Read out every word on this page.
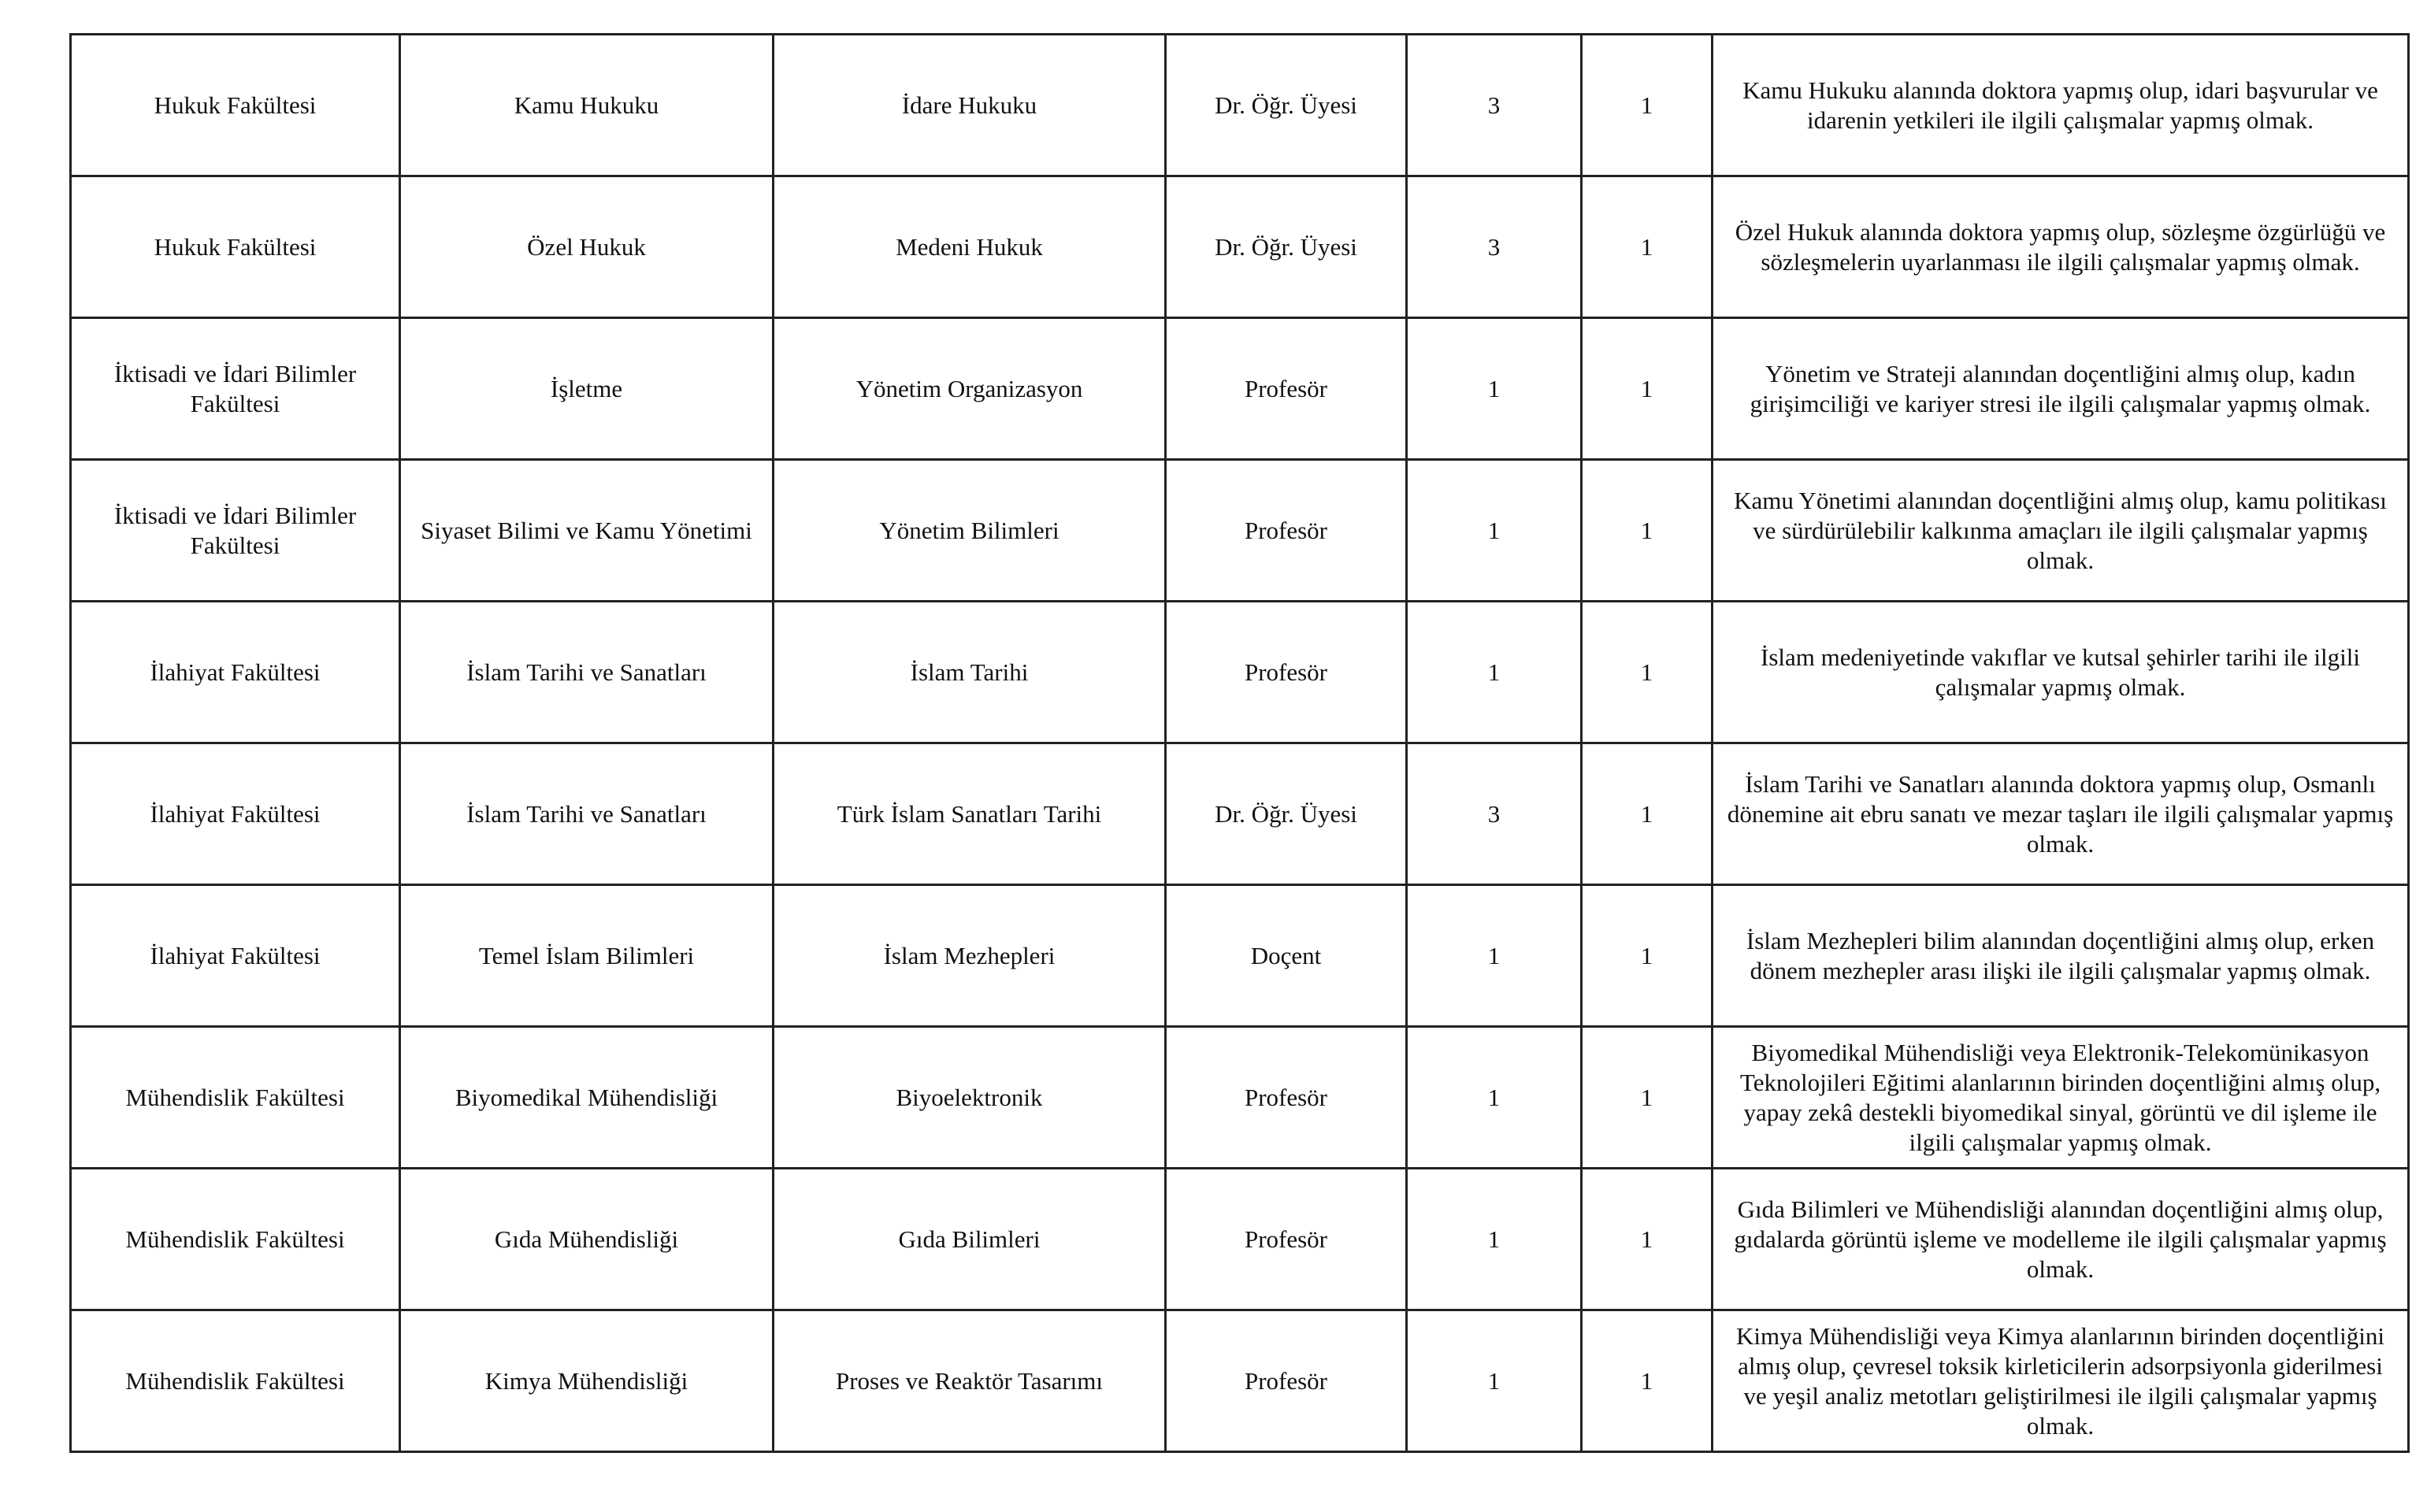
Hukuk Fakültesi	Kamu Hukuku	İdare Hukuku	Dr. Öğr. Üyesi	3	1	Kamu Hukuku alanında doktora yapmış olup, idari başvurular ve idarenin yetkileri ile ilgili çalışmalar yapmış olmak.
Hukuk Fakültesi	Özel Hukuk	Medeni Hukuk	Dr. Öğr. Üyesi	3	1	Özel Hukuk alanında doktora yapmış olup, sözleşme özgürlüğü ve sözleşmelerin uyarlanması ile ilgili çalışmalar yapmış olmak.
İktisadi ve İdari Bilimler Fakültesi	İşletme	Yönetim Organizasyon	Profesör	1	1	Yönetim ve Strateji alanından doçentliğini almış olup, kadın girişimciliği ve kariyer stresi ile ilgili çalışmalar yapmış olmak.
İktisadi ve İdari Bilimler Fakültesi	Siyaset Bilimi ve Kamu Yönetimi	Yönetim Bilimleri	Profesör	1	1	Kamu Yönetimi alanından doçentliğini almış olup, kamu politikası ve sürdürülebilir kalkınma amaçları ile ilgili çalışmalar yapmış olmak.
İlahiyat Fakültesi	İslam Tarihi ve Sanatları	İslam Tarihi	Profesör	1	1	İslam medeniyetinde vakıflar ve kutsal şehirler tarihi ile ilgili çalışmalar yapmış olmak.
İlahiyat Fakültesi	İslam Tarihi ve Sanatları	Türk İslam Sanatları Tarihi	Dr. Öğr. Üyesi	3	1	İslam Tarihi ve Sanatları alanında doktora yapmış olup, Osmanlı dönemine ait ebru sanatı ve mezar taşları ile ilgili çalışmalar yapmış olmak.
İlahiyat Fakültesi	Temel İslam Bilimleri	İslam Mezhepleri	Doçent	1	1	İslam Mezhepleri bilim alanından doçentliğini almış olup, erken dönem mezhepler arası ilişki ile ilgili çalışmalar yapmış olmak.
Mühendislik Fakültesi	Biyomedikal Mühendisliği	Biyoelektronik	Profesör	1	1	Biyomedikal Mühendisliği veya Elektronik-Telekomünikasyon Teknolojileri Eğitimi alanlarının birinden doçentliğini almış olup, yapay zekâ destekli biyomedikal sinyal, görüntü ve dil işleme ile ilgili çalışmalar yapmış olmak.
Mühendislik Fakültesi	Gıda Mühendisliği	Gıda Bilimleri	Profesör	1	1	Gıda Bilimleri ve Mühendisliği alanından doçentliğini almış olup, gıdalarda görüntü işleme ve modelleme ile ilgili çalışmalar yapmış olmak.
Mühendislik Fakültesi	Kimya Mühendisliği	Proses ve Reaktör Tasarımı	Profesör	1	1	Kimya Mühendisliği veya Kimya alanlarının birinden doçentliğini almış olup, çevresel toksik kirleticilerin adsorpsiyonla giderilmesi ve yeşil analiz metotları geliştirilmesi ile ilgili çalışmalar yapmış olmak.
